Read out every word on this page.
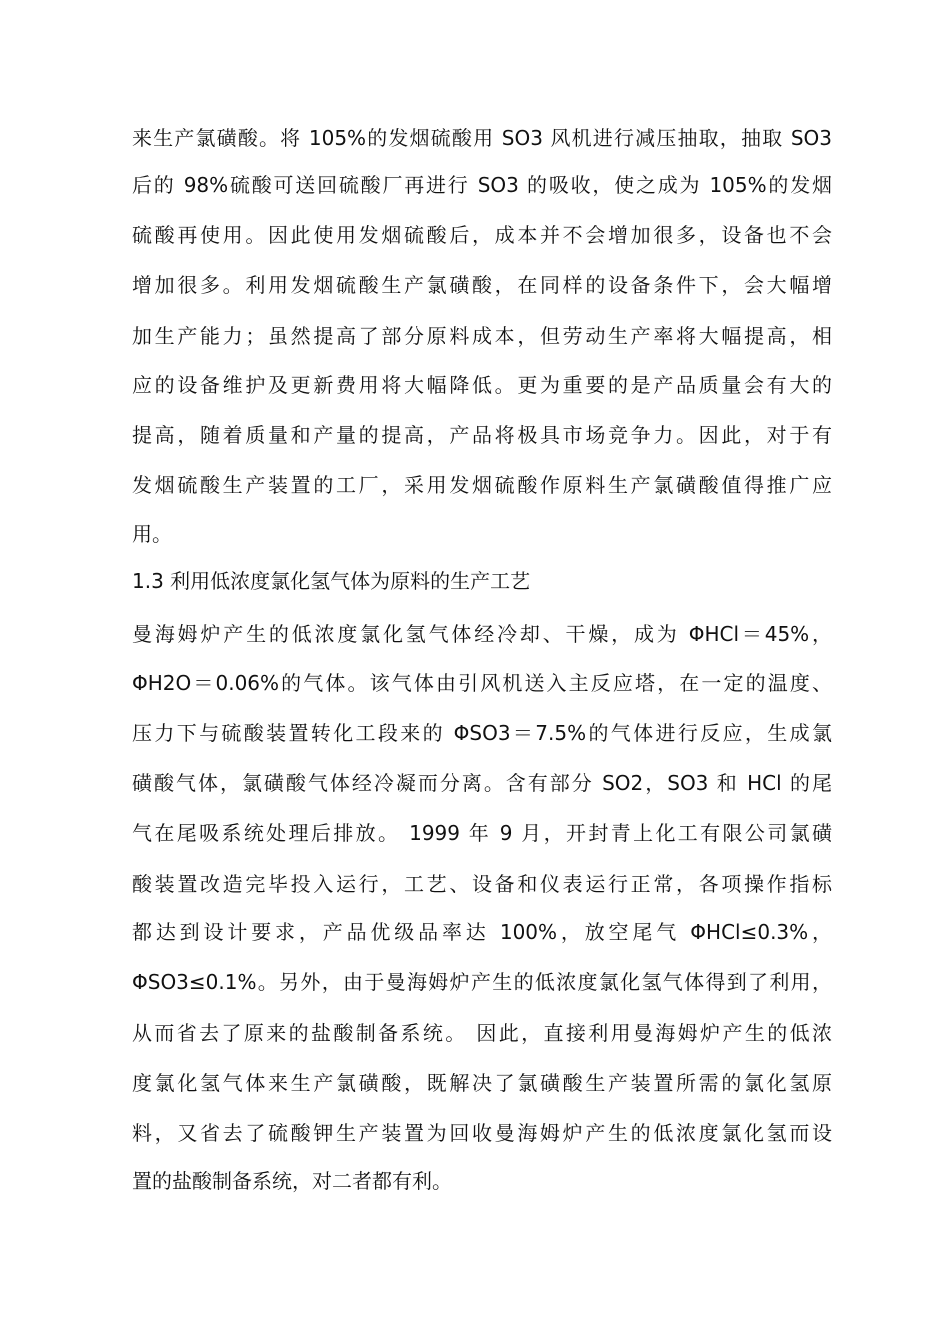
来生产氯磺酸。将 105%的发烟硫酸用 SO3 风机进行减压抽取，抽取 SO3
后的 98%硫酸可送回硫酸厂再进行 SO3 的吸收，使之成为 105%的发烟
硫酸再使用。因此使用发烟硫酸后，成本并不会增加很多，设备也不会
增加很多。利用发烟硫酸生产氯磺酸，在同样的设备条件下，会大幅增
加生产能力；虽然提高了部分原料成本，但劳动生产率将大幅提高，相
应的设备维护及更新费用将大幅降低。更为重要的是产品质量会有大的
提高，随着质量和产量的提高，产品将极具市场竞争力。因此，对于有
发烟硫酸生产装置的工厂，采用发烟硫酸作原料生产氯磺酸值得推广应
用。
1.3 利用低浓度氯化氢气体为原料的生产工艺
曼海姆炉产生的低浓度氯化氢气体经冷却、干燥，成为 ΦHCl＝45%，
ΦH2O＝0.06%的气体。该气体由引风机送入主反应塔，在一定的温度、
压力下与硫酸装置转化工段来的 ΦSO3＝7.5%的气体进行反应，生成氯
磺酸气体，氯磺酸气体经冷凝而分离。含有部分 SO2，SO3 和 HCl 的尾
气在尾吸系统处理后排放。 1999 年 9 月，开封青上化工有限公司氯磺
酸装置改造完毕投入运行，工艺、设备和仪表运行正常，各项操作指标
都达到设计要求，产品优级品率达 100%，放空尾气 ΦHCl≤0.3%，
ΦSO3≤0.1%。另外，由于曼海姆炉产生的低浓度氯化氢气体得到了利用，
从而省去了原来的盐酸制备系统。 因此，直接利用曼海姆炉产生的低浓
度氯化氢气体来生产氯磺酸，既解决了氯磺酸生产装置所需的氯化氢原
料，又省去了硫酸钾生产装置为回收曼海姆炉产生的低浓度氯化氢而设
置的盐酸制备系统，对二者都有利。
